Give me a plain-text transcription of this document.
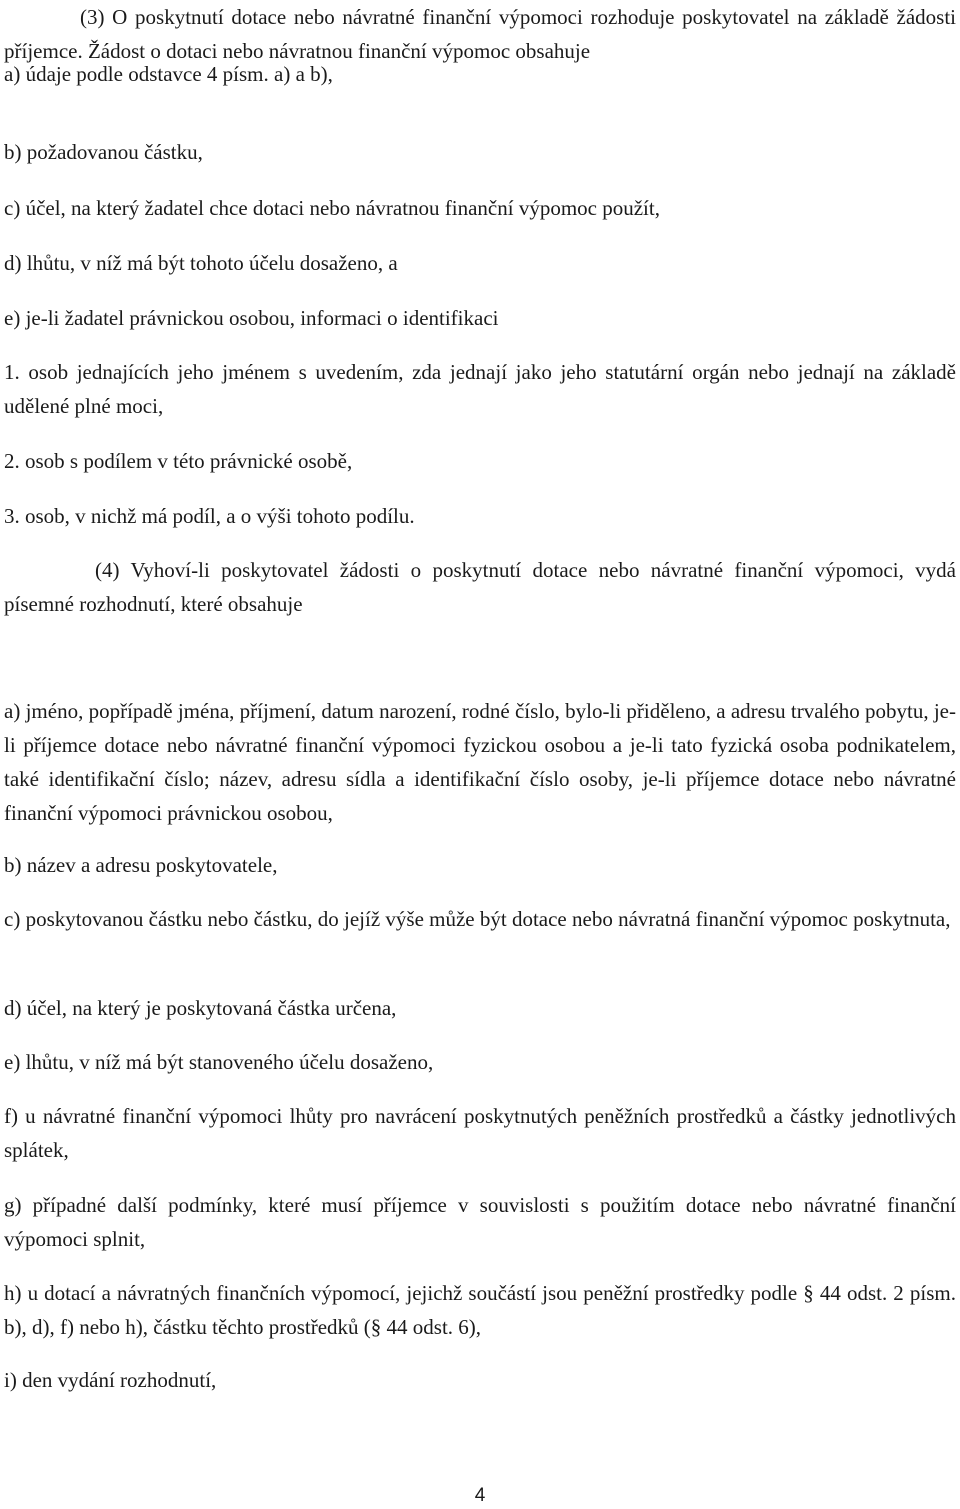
(3) O poskytnutí dotace nebo návratné finanční výpomoci rozhoduje poskytovatel na základě žádosti příjemce. Žádost o dotaci nebo návratnou finanční výpomoc obsahuje

a) údaje podle odstavce 4 písm. a) a b),

b) požadovanou částku,

c) účel, na který žadatel chce dotaci nebo návratnou finanční výpomoc použít,

d) lhůtu, v níž má být tohoto účelu dosaženo, a

e) je-li žadatel právnickou osobou, informaci o identifikaci

1. osob jednajících jeho jménem s uvedením, zda jednají jako jeho statutární orgán nebo jednají na základě udělené plné moci,

2. osob s podílem v této právnické osobě,

3. osob, v nichž má podíl, a o výši tohoto podílu.

(4) Vyhoví-li poskytovatel žádosti o poskytnutí dotace nebo návratné finanční výpomoci, vydá písemné rozhodnutí, které obsahuje

a) jméno, popřípadě jména, příjmení, datum narození, rodné číslo, bylo-li přiděleno, a adresu trvalého pobytu, je-li příjemce dotace nebo návratné finanční výpomoci fyzickou osobou a je-li tato fyzická osoba podnikatelem, také identifikační číslo; název, adresu sídla a identifikační číslo osoby, je-li příjemce dotace nebo návratné finanční výpomoci právnickou osobou,

b) název a adresu poskytovatele,

c) poskytovanou částku nebo částku, do jejíž výše může být dotace nebo návratná finanční výpomoc poskytnuta,

d) účel, na který je poskytovaná částka určena,

e) lhůtu, v níž má být stanoveného účelu dosaženo,

f) u návratné finanční výpomoci lhůty pro navrácení poskytnutých peněžních prostředků a částky jednotlivých splátek,

g) případné další podmínky, které musí příjemce v souvislosti s použitím dotace nebo návratné finanční výpomoci splnit,

h) u dotací a návratných finančních výpomocí, jejichž součástí jsou peněžní prostředky podle § 44 odst. 2 písm. b), d), f) nebo h), částku těchto prostředků (§ 44 odst. 6),

i) den vydání rozhodnutí,

4
